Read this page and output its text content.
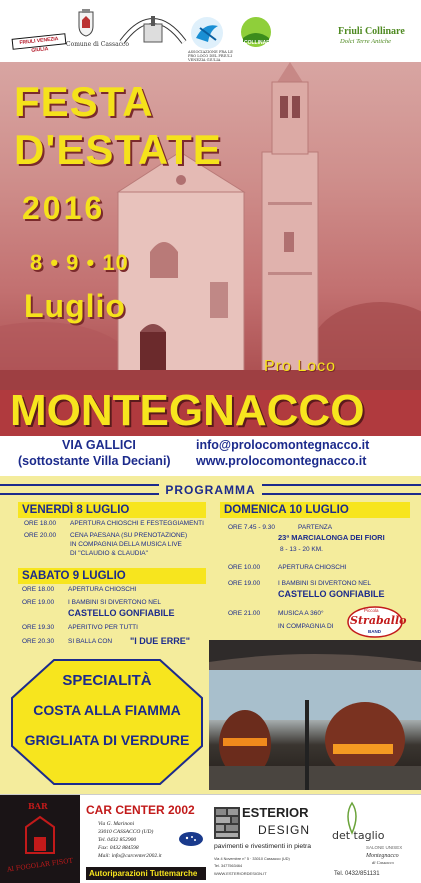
FRIULI VENEZIA GIULIA
Comune di Cassacco
ASSOCIAZIONE FRA LE PRO LOCO DEL FRIULI VENEZIA GIULIA
COLLINARE
Friuli Collinare
Dolci Terre Antiche
FESTA
D'ESTATE
2016
8 • 9 • 10
Luglio
Pro Loco
MONTEGNACCO
VIA GALLICI
(sottostante Villa Deciani)
info@prolocomontegnacco.it
www.prolocomontegnacco.it
PROGRAMMA
VENERDÌ 8 LUGLIO
ORE 18.00 APERTURA CHIOSCHI E FESTEGGIAMENTI
ORE 20.00 CENA PAESANA (SU PRENOTAZIONE)
IN COMPAGNIA DELLA MUSICA LIVE
DI "CLAUDIO & CLAUDIA"
SABATO 9 LUGLIO
ORE 18.00 APERTURA CHIOSCHI
ORE 19.00 I BAMBINI SI DIVERTONO NEL
CASTELLO GONFIABILE
ORE 19.30 APERITIVO PER TUTTI
ORE 20.30 SI BALLA CON "I DUE ERRE"
DOMENICA 10 LUGLIO
ORE 7.45 - 9.30	PARTENZA
23ª MARCIALONGA DEI FIORI
8 - 13 - 20 KM.
ORE 10.00	APERTURA CHIOSCHI
ORE 19.00	I BAMBINI SI DIVERTONO NEL
CASTELLO GONFIABILE
ORE 21.00	MUSICA A 360°
IN COMPAGNIA DI
Piccola
Straballo
BAND
SPECIALITÀ
COSTA ALLA FIAMMA
GRIGLIATA DI VERDURE
BAR
Al FOGOLAR FISOT
CAR CENTER 2002
Via G. Marinoni
33010 CASSACCO (UD)
Tel. 0432 852900
Fax: 0432 884598
Mail: info@carcenter2002.it
Autoriparazioni Tuttemarche
ESTERIOR
DESIGN
pavimenti e rivestimenti in pietra
Via 4 Novembre n° 5 · 33010 Cassacco (UD)
Tel. 3477563464
WWW.ESTERIORDESIGN.IT
det taglio
SALONE UNISEX
Montegnacco
di Cassacco
Tel. 0432/851131
